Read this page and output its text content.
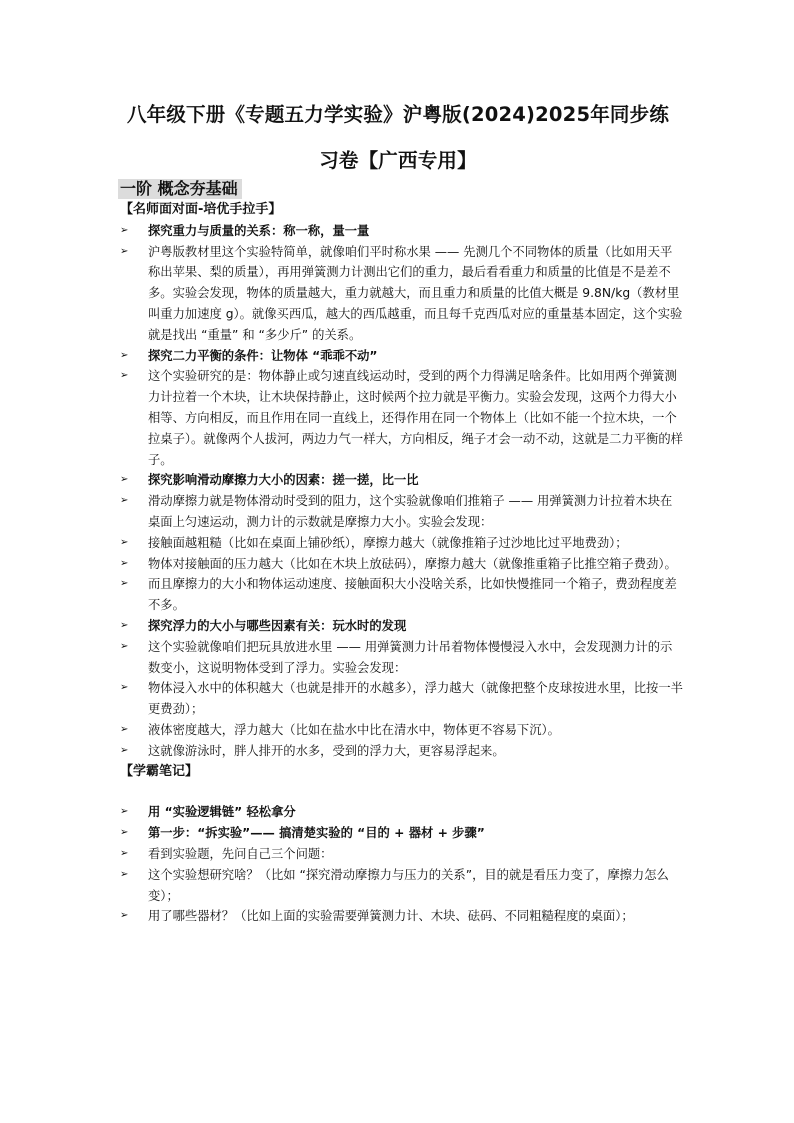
八年级下册《专题五力学实验》沪粤版(2024)2025年同步练习卷【广西专用】
一阶 概念夯基础
【名师面对面-培优手拉手】
➢	探究重力与质量的关系：称一称，量一量
➢	沪粤版教材里这个实验特简单，就像咱们平时称水果 —— 先测几个不同物体的质量（比如用天平称出苹果、梨的质量），再用弹簧测力计测出它们的重力，最后看看重力和质量的比值是不是差不多。实验会发现，物体的质量越大，重力就越大，而且重力和质量的比值大概是 9.8N/kg（教材里叫重力加速度 g）。就像买西瓜，越大的西瓜越重，而且每千克西瓜对应的重量基本固定，这个实验就是找出 “重量” 和 “多少斤” 的关系。
➢	探究二力平衡的条件：让物体 “乖乖不动”
➢	这个实验研究的是：物体静止或匀速直线运动时，受到的两个力得满足啥条件。比如用两个弹簧测力计拉着一个木块，让木块保持静止，这时候两个拉力就是平衡力。实验会发现，这两个力得大小相等、方向相反，而且作用在同一直线上，还得作用在同一个物体上（比如不能一个拉木块，一个拉桌子）。就像两个人拔河，两边力气一样大，方向相反，绳子才会一动不动，这就是二力平衡的样子。
➢	探究影响滑动摩擦力大小的因素：搓一搓，比一比
➢	滑动摩擦力就是物体滑动时受到的阻力，这个实验就像咱们推箱子 —— 用弹簧测力计拉着木块在桌面上匀速运动，测力计的示数就是摩擦力大小。实验会发现：
➢	接触面越粗糙（比如在桌面上铺砂纸），摩擦力越大（就像推箱子过沙地比过平地费劲）；
➢	物体对接触面的压力越大（比如在木块上放砝码），摩擦力越大（就像推重箱子比推空箱子费劲）。
➢	而且摩擦力的大小和物体运动速度、接触面积大小没啥关系，比如快慢推同一个箱子，费劲程度差不多。
➢	探究浮力的大小与哪些因素有关：玩水时的发现
➢	这个实验就像咱们把玩具放进水里 —— 用弹簧测力计吊着物体慢慢浸入水中，会发现测力计的示数变小，这说明物体受到了浮力。实验会发现：
➢	物体浸入水中的体积越大（也就是排开的水越多），浮力越大（就像把整个皮球按进水里，比按一半更费劲）；
➢	液体密度越大，浮力越大（比如在盐水中比在清水中，物体更不容易下沉）。
➢	这就像游泳时，胖人排开的水多，受到的浮力大，更容易浮起来。
【学霸笔记】
➢	用 “实验逻辑链” 轻松拿分
➢	第一步：“拆实验”—— 搞清楚实验的 “目的 + 器材 + 步骤”
➢	看到实验题，先问自己三个问题：
➢	这个实验想研究啥？（比如 “探究滑动摩擦力与压力的关系”，目的就是看压力变了，摩擦力怎么变）；
➢	用了哪些器材？（比如上面的实验需要弹簧测力计、木块、砝码、不同粗糙程度的桌面）；
